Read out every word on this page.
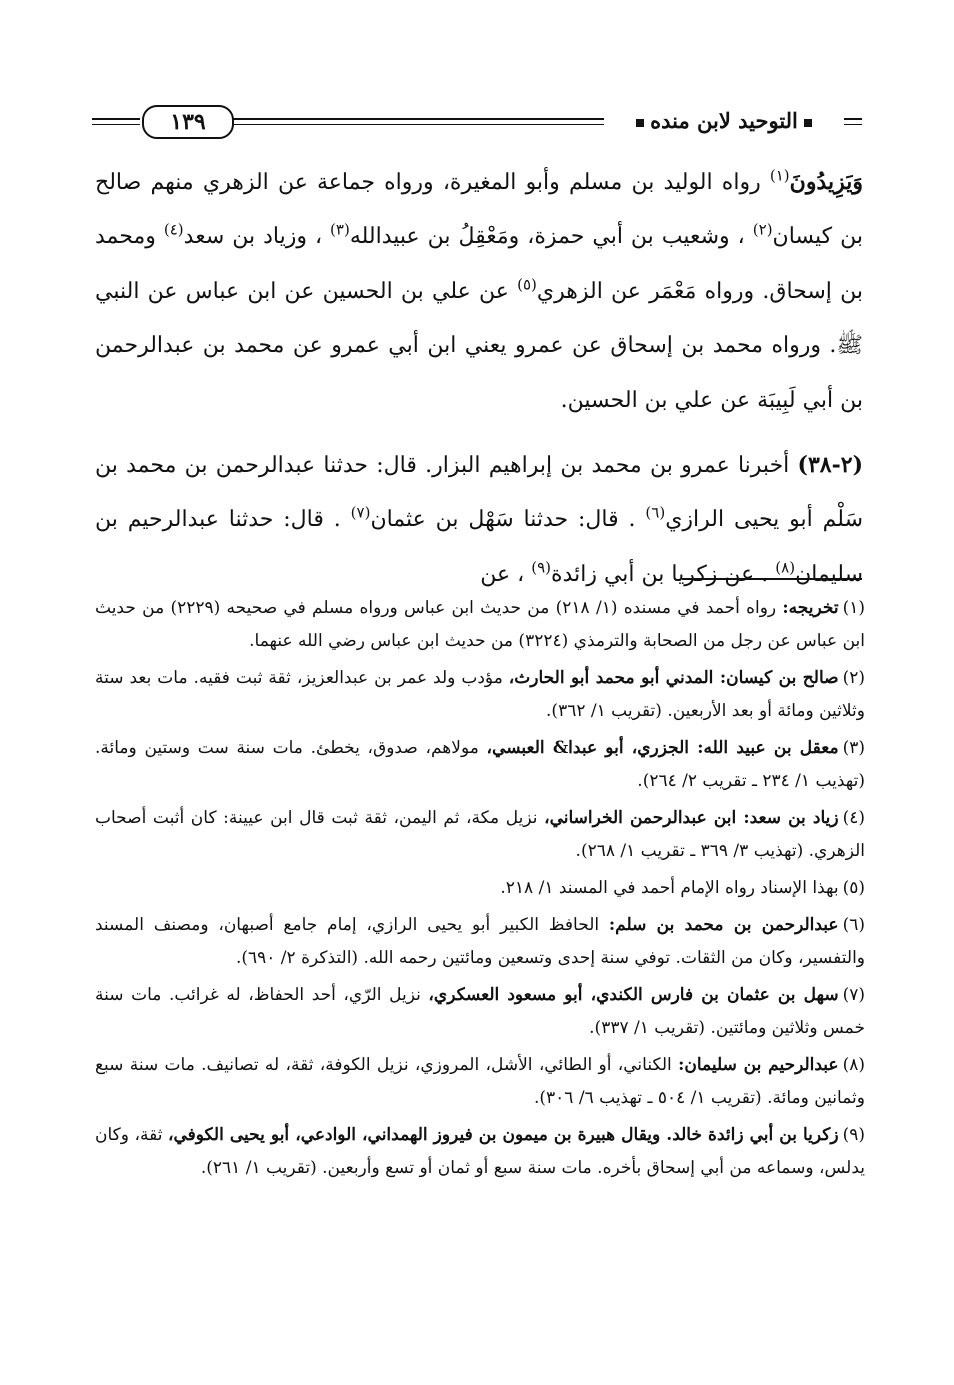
١٣٩	التوحيد لابن منده

وَيَزِيدُونَ$^{(١)}$ رواه الوليد بن مسلم وأبو المغيرة، ورواه جماعة عن الزهري منهم صالح بن كيسان$^{(٢)}$ ، وشعيب بن أبي حمزة، ومَعْقِلُ بن عبيدالله$^{(٣)}$ ، وزياد بن سعد$^{(٤)}$ ومحمد بن إسحاق. ورواه مَعْمَر عن الزهري$^{(٥)}$ عن علي بن الحسين عن ابن عباس عن النبي ﷺ. ورواه محمد بن إسحاق عن عمرو يعني ابن أبي عمرو عن محمد بن عبدالرحمن بن أبي لَبِيبَة عن علي بن الحسين.

(٢-٣٨) أخبرنا عمرو بن محمد بن إبراهيم البزار. قال: حدثنا عبدالرحمن بن محمد بن سَلْم أبو يحيى الرازي$^{(٦)}$ . قال: حدثنا سَهْل بن عثمان$^{(٧)}$ . قال: حدثنا عبدالرحيم بن سليمان$^{(٨)}$ . عن زكريا بن أبي زائدة$^{(٩)}$ ، عن

(١)تخريجه: رواه أحمد في مسنده (١/ ٢١٨) من حديث ابن عباس ورواه مسلم في صحيحه (٢٢٢٩) من حديث ابن عباس عن رجل من الصحابة والترمذي (٣٢٢٤) من حديث ابن عباس رضي الله عنهما.

(٢)صالح بن كيسان: المدني أبو محمد أبو الحارث، مؤدب ولد عمر بن عبدالعزيز، ثقة ثبت فقيه. مات بعد ستة وثلاثين ومائة أو بعد الأربعين. (تقريب ١/ ٣٦٢).

(٣)معقل بن عبيد الله: الجزري، أبو عبدا& العبسي، مولاهم، صدوق، يخطئ. مات سنة ست وستين ومائة. (تهذيب ١/ ٢٣٤ ـ تقريب ٢/ ٢٦٤).

(٤)زياد بن سعد: ابن عبدالرحمن الخراساني، نزيل مكة، ثم اليمن، ثقة ثبت قال ابن عيينة: كان أثبت أصحاب الزهري. (تهذيب ٣/ ٣٦٩ ـ تقريب ١/ ٢٦٨).

(٥)بهذا الإسناد رواه الإمام أحمد في المسند ١/ ٢١٨.

(٦)عبدالرحمن بن محمد بن سلم: الحافظ الكبير أبو يحيى الرازي، إمام جامع أصبهان، ومصنف المسند والتفسير، وكان من الثقات. توفي سنة إحدى وتسعين ومائتين رحمه الله. (التذكرة ٢/ ٦٩٠).

(٧)سهل بن عثمان بن فارس الكندي، أبو مسعود العسكري، نزيل الرّي، أحد الحفاظ، له غرائب. مات سنة خمس وثلاثين ومائتين. (تقريب ١/ ٣٣٧).

(٨)عبدالرحيم بن سليمان: الكناني، أو الطائي، الأشل، المروزي، نزيل الكوفة، ثقة، له تصانيف. مات سنة سبع وثمانين ومائة. (تقريب ١/ ٥٠٤ ـ تهذيب ٦/ ٣٠٦).

(٩)زكريا بن أبي زائدة خالد. ويقال هبيرة بن ميمون بن فيروز الهمداني، الوادعي، أبو يحيى الكوفي، ثقة، وكان يدلس، وسماعه من أبي إسحاق بأخره. مات سنة سبع أو ثمان أو تسع وأربعين. (تقريب ١/ ٢٦١).
